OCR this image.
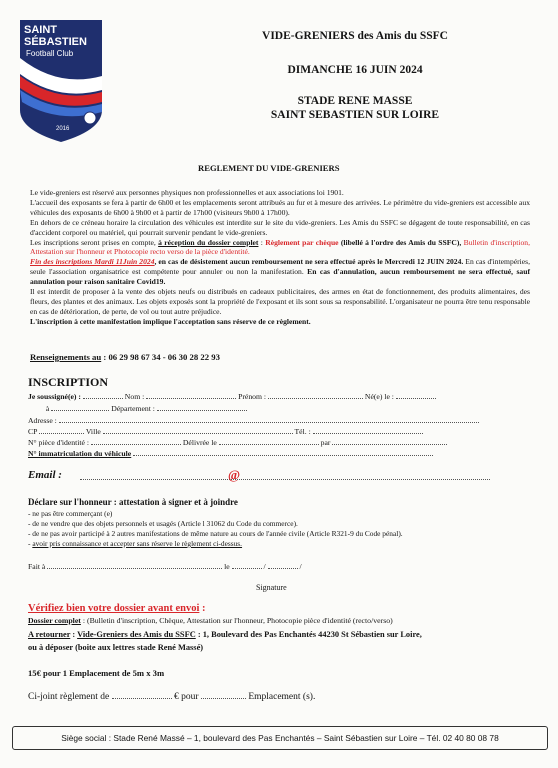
SAINT
SÉBASTIEN
Football Club
2016
VIDE-GRENIERS des Amis du SSFC
DIMANCHE 16 JUIN 2024
STADE RENE MASSE
SAINT SEBASTIEN SUR LOIRE
REGLEMENT DU VIDE-GRENIERS

Le vide-greniers est réservé aux personnes physiques non professionnelles et aux associations loi 1901.

L'accueil des exposants se fera à partir de 6h00 et les emplacements seront attribués au fur et à mesure des arrivées. Le périmètre du vide-greniers est accessible aux véhicules des exposants de 6h00 à 9h00 et à partir de 17h00 (visiteurs 9h00 à 17h00).

En dehors de ce créneau horaire la circulation des véhicules est interdite sur le site du vide-greniers. Les Amis du SSFC se dégagent de toute responsabilité, en cas d'accident corporel ou matériel, qui pourrait survenir pendant le vide-greniers.

Les inscriptions seront prises en compte, à réception du dossier complet : Règlement par chèque (libellé à l'ordre des Amis du SSFC), Bulletin d'inscription, Attestation sur l'honneur et Photocopie recto verso de la pièce d'identité.

Fin des inscriptions Mardi 11Juin 2024, en cas de désistement aucun remboursement ne sera effectué après le Mercredi 12 JUIN 2024. En cas d'intempéries, seule l'association organisatrice est compétente pour annuler ou non la manifestation. En cas d'annulation, aucun remboursement ne sera effectué, sauf annulation pour raison sanitaire Covid19.

Il est interdit de proposer à la vente des objets neufs ou distribués en cadeaux publicitaires, des armes en état de fonctionnement, des produits alimentaires, des fleurs, des plantes et des animaux. Les objets exposés sont la propriété de l'exposant et ils sont sous sa responsabilité. L'organisateur ne pourra être tenu responsable en cas de détérioration, de perte, de vol ou tout autre préjudice.

L'inscription à cette manifestation implique l'acceptation sans réserve de ce règlement.

Renseignements au : 06 29 98 67 34 - 06 30 28 22 93
INSCRIPTION
Je soussigné(e) :	Nom :	Prénom :	Né(e) le :
à	Département :
Adresse :
CP	Ville	Tél. :
N° pièce d'identité :	Délivrée le	par
N° immatriculation du véhicule
Email :	@
Déclare sur l'honneur : attestation à signer et à joindre
- ne pas être commerçant (e)
- de ne vendre que des objets personnels et usagés (Article l 31062 du Code du commerce).
- de ne pas avoir participé à 2 autres manifestations de même nature au cours de l'année civile (Article R321-9 du Code pénal).
- avoir pris connaissance et accepter sans réserve le règlement ci-dessus.
Fait à	le	/	/
Signature
Vérifiez bien votre dossier avant envoi :
Dossier complet : (Bulletin d'inscription, Chèque, Attestation sur l'honneur, Photocopie pièce d'identité (recto/verso)
A retourner : Vide-Greniers des Amis du SSFC : 1, Boulevard des Pas Enchantés 44230 St Sébastien sur Loire,
ou à déposer (boite aux lettres stade René Massé)
15€ pour 1 Emplacement de 5m x 3m
Ci-joint règlement de	€ pour	Emplacement (s).
Siège social : Stade René Massé – 1, boulevard des Pas Enchantés – Saint Sébastien sur Loire – Tél. 02 40 80 08 78
